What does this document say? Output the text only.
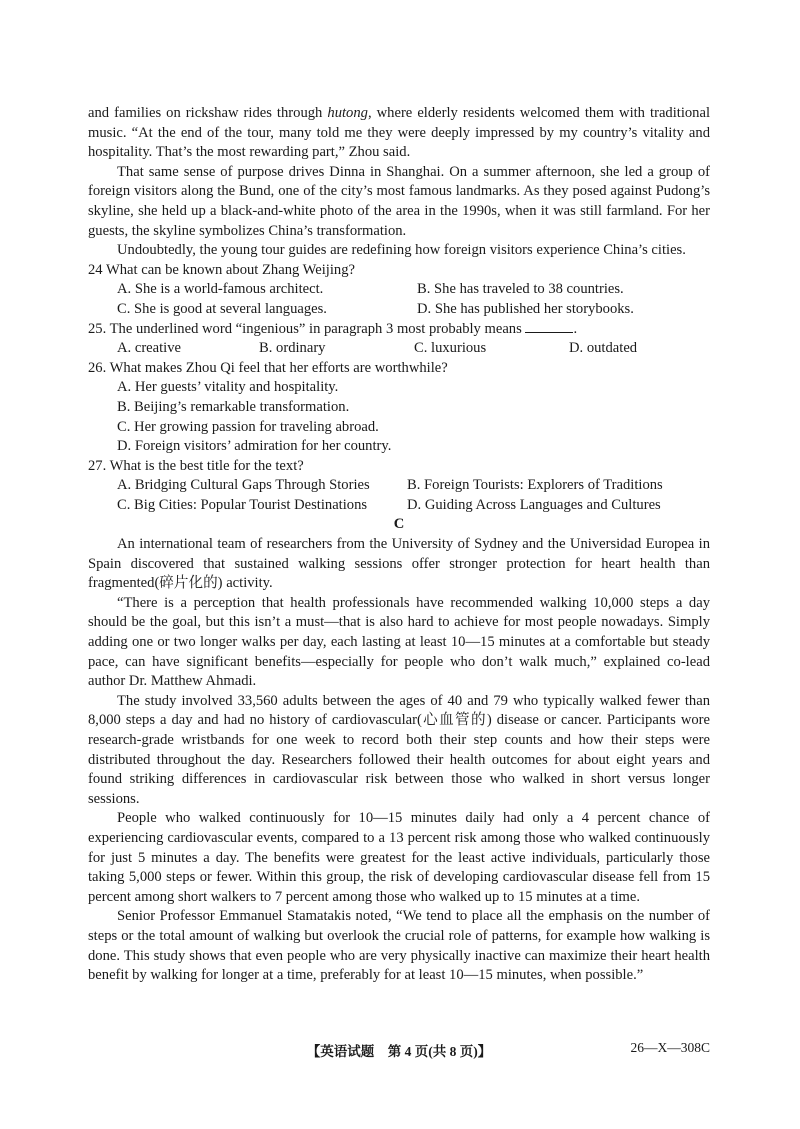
and families on rickshaw rides through hutong, where elderly residents welcomed them with traditional music. “At the end of the tour, many told me they were deeply impressed by my country’s vitality and hospitality. That’s the most rewarding part,” Zhou said.

That same sense of purpose drives Dinna in Shanghai. On a summer afternoon, she led a group of foreign visitors along the Bund, one of the city’s most famous landmarks. As they posed against Pudong’s skyline, she held up a black-and-white photo of the area in the 1990s, when it was still farmland. For her guests, the skyline symbolizes China’s transformation.

Undoubtedly, the young tour guides are redefining how foreign visitors experience China’s cities.

24 What can be known about Zhang Weijing?

A. She is a world-famous architect.	B. She has traveled to 38 countries.
C. She is good at several languages.	D. She has published her storybooks.

25. The underlined word “ingenious” in paragraph 3 most probably means	.

A. creative	B. ordinary	C. luxurious	D. outdated

26. What makes Zhou Qi feel that her efforts are worthwhile?

A. Her guests’ vitality and hospitality.
B. Beijing’s remarkable transformation.
C. Her growing passion for traveling abroad.
D. Foreign visitors’ admiration for her country.

27. What is the best title for the text?

A. Bridging Cultural Gaps Through Stories	B. Foreign Tourists: Explorers of Traditions
C. Big Cities: Popular Tourist Destinations	D. Guiding Across Languages and Cultures
C

An international team of researchers from the University of Sydney and the Universidad Europea in Spain discovered that sustained walking sessions offer stronger protection for heart health than fragmented(碎片化的) activity.

“There is a perception that health professionals have recommended walking 10,000 steps a day should be the goal, but this isn’t a must—that is also hard to achieve for most people nowadays. Simply adding one or two longer walks per day, each lasting at least 10—15 minutes at a comfortable but steady pace, can have significant benefits—especially for people who don’t walk much,” explained co-lead author Dr. Matthew Ahmadi.

The study involved 33,560 adults between the ages of 40 and 79 who typically walked fewer than 8,000 steps a day and had no history of cardiovascular(心血管的) disease or cancer. Participants wore research-grade wristbands for one week to record both their step counts and how their steps were distributed throughout the day. Researchers followed their health outcomes for about eight years and found striking differences in cardiovascular risk between those who walked in short versus longer sessions.

People who walked continuously for 10—15 minutes daily had only a 4 percent chance of experiencing cardiovascular events, compared to a 13 percent risk among those who walked continuously for just 5 minutes a day. The benefits were greatest for the least active individuals, particularly those taking 5,000 steps or fewer. Within this group, the risk of developing cardiovascular disease fell from 15 percent among short walkers to 7 percent among those who walked up to 15 minutes at a time.

Senior Professor Emmanuel Stamatakis noted, “We tend to place all the emphasis on the number of steps or the total amount of walking but overlook the crucial role of patterns, for example how walking is done. This study shows that even people who are very physically inactive can maximize their heart health benefit by walking for longer at a time, preferably for at least 10—15 minutes, when possible.”

【英语试题　第 4 页(共 8 页)】	26—X—308C
